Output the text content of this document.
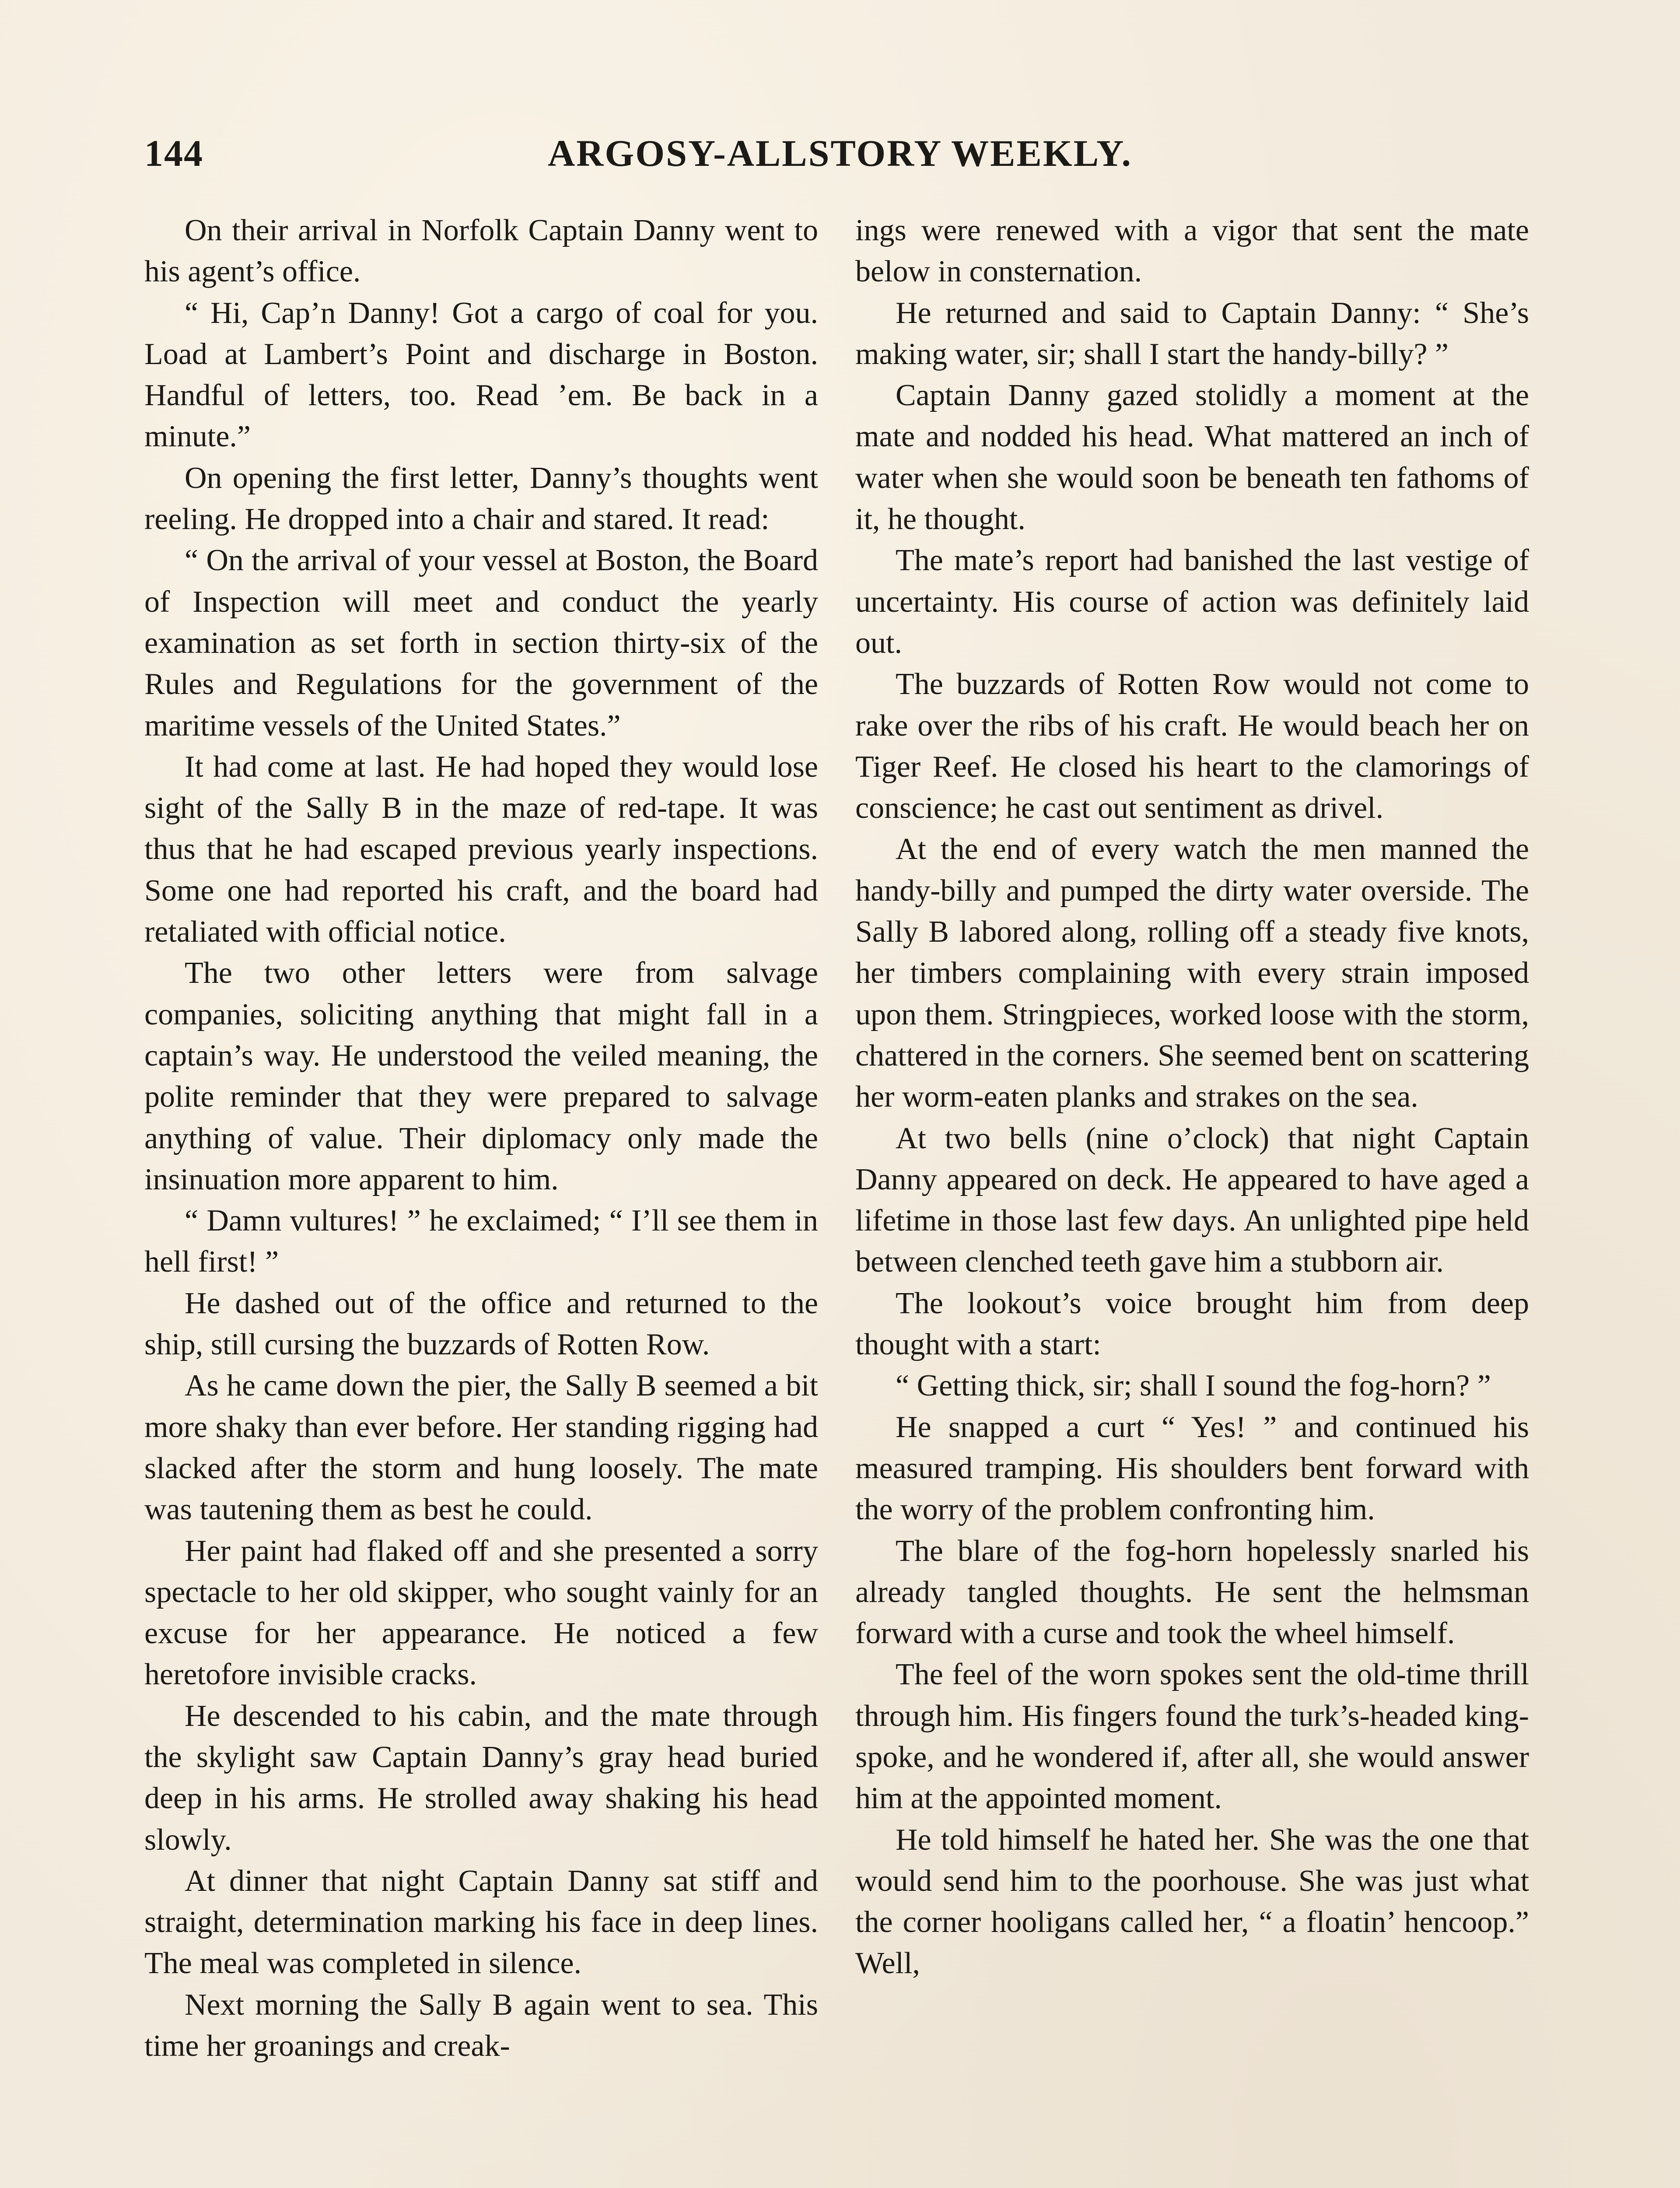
144	ARGOSY-ALLSTORY WEEKLY.

On their arrival in Norfolk Captain Danny went to his agent’s office.

“ Hi, Cap’n Danny! Got a cargo of coal for you. Load at Lambert’s Point and discharge in Boston. Handful of letters, too. Read ’em. Be back in a minute.”

On opening the first letter, Danny’s thoughts went reeling. He dropped into a chair and stared. It read:

“ On the arrival of your vessel at Boston, the Board of Inspection will meet and conduct the yearly examination as set forth in section thirty-six of the Rules and Regulations for the government of the maritime vessels of the United States.”

It had come at last. He had hoped they would lose sight of the Sally B in the maze of red-tape. It was thus that he had escaped previous yearly inspections. Some one had reported his craft, and the board had retaliated with official notice.

The two other letters were from salvage companies, soliciting anything that might fall in a captain’s way. He understood the veiled meaning, the polite reminder that they were prepared to salvage anything of value. Their diplomacy only made the insinuation more apparent to him.

“ Damn vultures! ” he exclaimed; “ I’ll see them in hell first! ”

He dashed out of the office and returned to the ship, still cursing the buzzards of Rotten Row.

As he came down the pier, the Sally B seemed a bit more shaky than ever before. Her standing rigging had slacked after the storm and hung loosely. The mate was tautening them as best he could.

Her paint had flaked off and she presented a sorry spectacle to her old skipper, who sought vainly for an excuse for her appearance. He noticed a few heretofore invisible cracks.

He descended to his cabin, and the mate through the skylight saw Captain Danny’s gray head buried deep in his arms. He strolled away shaking his head slowly.

At dinner that night Captain Danny sat stiff and straight, determination marking his face in deep lines. The meal was completed in silence.

Next morning the Sally B again went to sea. This time her groanings and creak-

ings were renewed with a vigor that sent the mate below in consternation.

He returned and said to Captain Danny: “ She’s making water, sir; shall I start the handy-billy? ”

Captain Danny gazed stolidly a moment at the mate and nodded his head. What mattered an inch of water when she would soon be beneath ten fathoms of it, he thought.

The mate’s report had banished the last vestige of uncertainty. His course of action was definitely laid out.

The buzzards of Rotten Row would not come to rake over the ribs of his craft. He would beach her on Tiger Reef. He closed his heart to the clamorings of conscience; he cast out sentiment as drivel.

At the end of every watch the men manned the handy-billy and pumped the dirty water overside. The Sally B labored along, rolling off a steady five knots, her timbers complaining with every strain imposed upon them. Stringpieces, worked loose with the storm, chattered in the corners. She seemed bent on scattering her worm-eaten planks and strakes on the sea.

At two bells (nine o’clock) that night Captain Danny appeared on deck. He appeared to have aged a lifetime in those last few days. An unlighted pipe held between clenched teeth gave him a stubborn air.

The lookout’s voice brought him from deep thought with a start:

“ Getting thick, sir; shall I sound the fog-horn? ”

He snapped a curt “ Yes! ” and continued his measured tramping. His shoulders bent forward with the worry of the problem confronting him.

The blare of the fog-horn hopelessly snarled his already tangled thoughts. He sent the helmsman forward with a curse and took the wheel himself.

The feel of the worn spokes sent the old-time thrill through him. His fingers found the turk’s-headed king-spoke, and he wondered if, after all, she would answer him at the appointed moment.

He told himself he hated her. She was the one that would send him to the poorhouse. She was just what the corner hooligans called her, “ a floatin’ hencoop.” Well,
